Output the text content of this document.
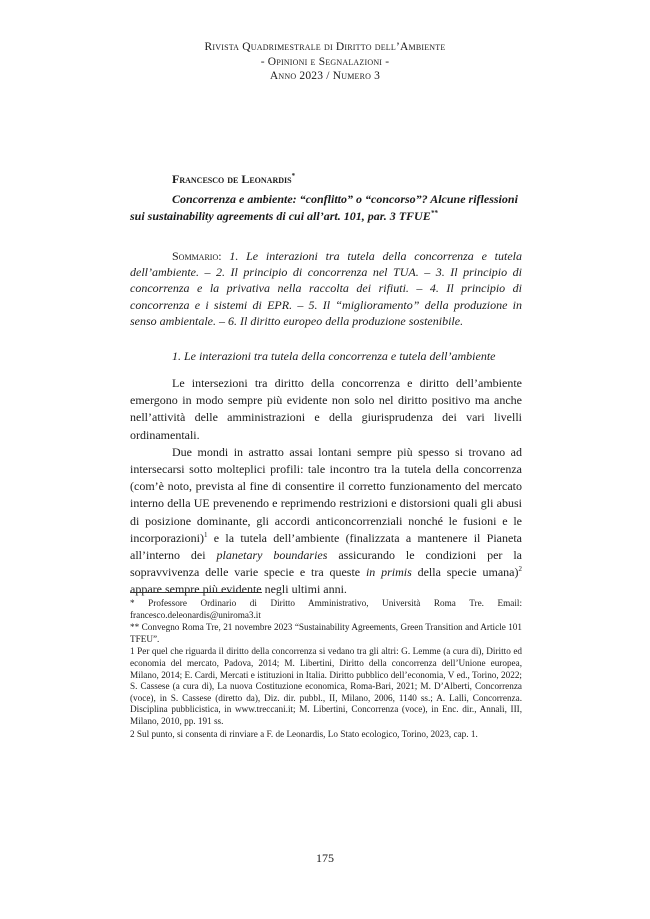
Rivista Quadrimestrale di Diritto dell’Ambiente
- Opinioni e Segnalazioni -
Anno 2023 / Numero 3
Francesco de Leonardis*
Concorrenza e ambiente: “conflitto” o “concorso”? Alcune riflessioni sui sustainability agreements di cui all’art. 101, par. 3 TFUE**
Sommario: 1. Le interazioni tra tutela della concorrenza e tutela dell’ambiente. – 2. Il principio di concorrenza nel TUA. – 3. Il principio di concorrenza e la privativa nella raccolta dei rifiuti. – 4. Il principio di concorrenza e i sistemi di EPR. – 5. Il “miglioramento” della produzione in senso ambientale. – 6. Il diritto europeo della produzione sostenibile.
1. Le interazioni tra tutela della concorrenza e tutela dell’ambiente

Le intersezioni tra diritto della concorrenza e diritto dell’ambiente emergono in modo sempre più evidente non solo nel diritto positivo ma anche nell’attività delle amministrazioni e della giurisprudenza dei vari livelli ordinamentali.

Due mondi in astratto assai lontani sempre più spesso si trovano ad intersecarsi sotto molteplici profili: tale incontro tra la tutela della concorrenza (com’è noto, prevista al fine di consentire il corretto funzionamento del mercato interno della UE prevenendo e reprimendo restrizioni e distorsioni quali gli abusi di posizione dominante, gli accordi anticoncorrenziali nonché le fusioni e le incorporazioni)$^1$ e la tutela dell’ambiente (finalizzata a mantenere il Pianeta all’interno dei planetary boundaries assicurando le condizioni per la sopravvivenza delle varie specie e tra queste in primis della specie umana)$^2$ appare sempre più evidente negli ultimi anni.

* Professore Ordinario di Diritto Amministrativo, Università Roma Tre. Email: francesco.deleonardis@uniroma3.it

** Convegno Roma Tre, 21 novembre 2023 “Sustainability Agreements, Green Transition and Article 101 TFEU”.

1 Per quel che riguarda il diritto della concorrenza si vedano tra gli altri: G. Lemme (a cura di), Diritto ed economia del mercato, Padova, 2014; M. Libertini, Diritto della concorrenza dell’Unione europea, Milano, 2014; E. Cardi, Mercati e istituzioni in Italia. Diritto pubblico dell’economia, V ed., Torino, 2022; S. Cassese (a cura di), La nuova Costituzione economica, Roma-Bari, 2021; M. D’Alberti, Concorrenza (voce), in S. Cassese (diretto da), Diz. dir. pubbl., II, Milano, 2006, 1140 ss.; A. Lalli, Concorrenza. Disciplina pubblicistica, in www.treccani.it; M. Libertini, Concorrenza (voce), in Enc. dir., Annali, III, Milano, 2010, pp. 191 ss.

2 Sul punto, si consenta di rinviare a F. de Leonardis, Lo Stato ecologico, Torino, 2023, cap. 1.

175
